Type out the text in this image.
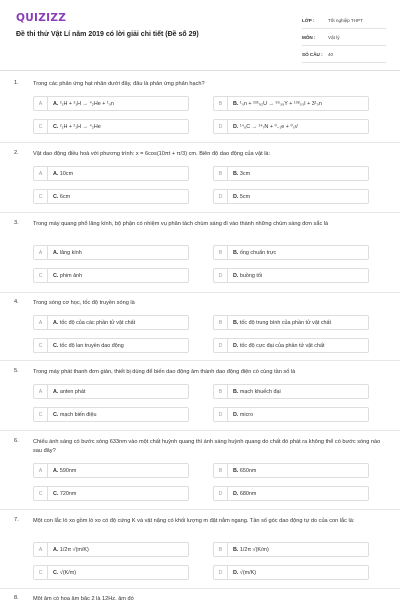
QUIZIZZ
Đề thi thử Vật Lí năm 2019 có lời giải chi tiết (Đề số 29)
LỚP :	Tốt nghiệp THPT
MÔN :	Vật lý
SỐ CÂU :	40
1.	Trong các phản ứng hạt nhân dưới đây, đâu là phản ứng phản hạch?
A	A. ²₁H + ³₁H → ⁴₂He + ¹₀n	B	B. ¹₀n + ²³⁵₉₂U → ⁹⁵₃₉Y + ¹³⁸₅₃I + 3¹₀n
C	C. ²₁H + ²₁H → ⁴₂He	D	D. ¹⁴₆C → ¹⁴₇N + ⁰₋₁e + ⁰₀ν̄
2.	Vật dao động điều hoà với phương trình: x = 6cos(10πt + π/3) cm. Biên độ dao động của vật là:
A	A. 10cm	B	B. 3cm
C	C. 6cm	D	D. 5cm
3.	Trong máy quang phổ lăng kính, bộ phận có nhiệm vụ phân tách chùm sáng đi vào thành những chùm sáng đơn sắc là
A	A. lăng kính	B	B. ống chuẩn trực
C	C. phim ảnh	D	D. buồng tối
4.	Trong sóng cơ học, tốc độ truyền sóng là
A	A. tốc độ của các phần tử vật chất	B	B. tốc độ trung bình của phần tử vật chất
C	C. tốc độ lan truyền dao động	D	D. tốc độ cực đại của phần tử vật chất
5.	Trong máy phát thanh đơn giản, thiết bị dùng để biến dao động âm thành dao động điện có cùng tần số là
A	A. anten phát	B	B. mạch khuếch đại
C	C. mạch biến điệu	D	D. micro
6.	Chiếu ánh sáng có bước sóng 633nm vào một chất huỳnh quang thì ánh sáng huỳnh quang do chất đó phát ra không thể có bước sóng nào sau đây?
A	A. 590nm	B	B. 650nm
C	C. 720nm	D	D. 680nm
7.	Một con lắc lò xo gồm lò xo có độ cứng K và vật nặng có khối lượng m đặt nằm ngang. Tần số góc dao động tự do của con lắc là:
A	A. 1/2π √(m/K)	B	B. 1/2π √(K/m)
C	C. √(K/m)	D	D. √(m/K)
8.	Một âm có họa âm bậc 2 là 12Hz, âm đó
